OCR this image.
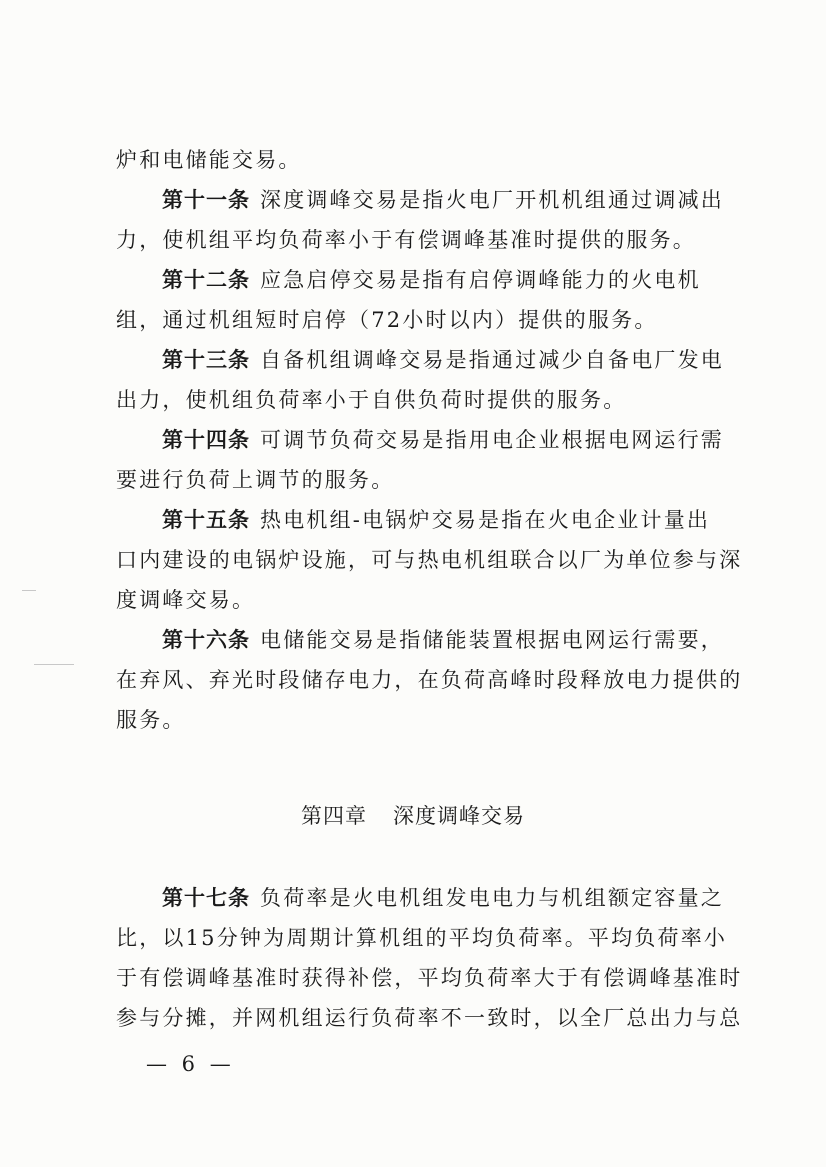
炉和电储能交易。
第十一条 深度调峰交易是指火电厂开机机组通过调减出
力，使机组平均负荷率小于有偿调峰基准时提供的服务。
第十二条 应急启停交易是指有启停调峰能力的火电机
组，通过机组短时启停（72小时以内）提供的服务。
第十三条 自备机组调峰交易是指通过减少自备电厂发电
出力，使机组负荷率小于自供负荷时提供的服务。
第十四条 可调节负荷交易是指用电企业根据电网运行需
要进行负荷上调节的服务。
第十五条 热电机组-电锅炉交易是指在火电企业计量出
口内建设的电锅炉设施，可与热电机组联合以厂为单位参与深
度调峰交易。
第十六条 电储能交易是指储能装置根据电网运行需要，
在弃风、弃光时段储存电力，在负荷高峰时段释放电力提供的
服务。
第四章 深度调峰交易
第十七条 负荷率是火电机组发电电力与机组额定容量之
比，以15分钟为周期计算机组的平均负荷率。平均负荷率小
于有偿调峰基准时获得补偿，平均负荷率大于有偿调峰基准时
参与分摊，并网机组运行负荷率不一致时，以全厂总出力与总
— 6 —
